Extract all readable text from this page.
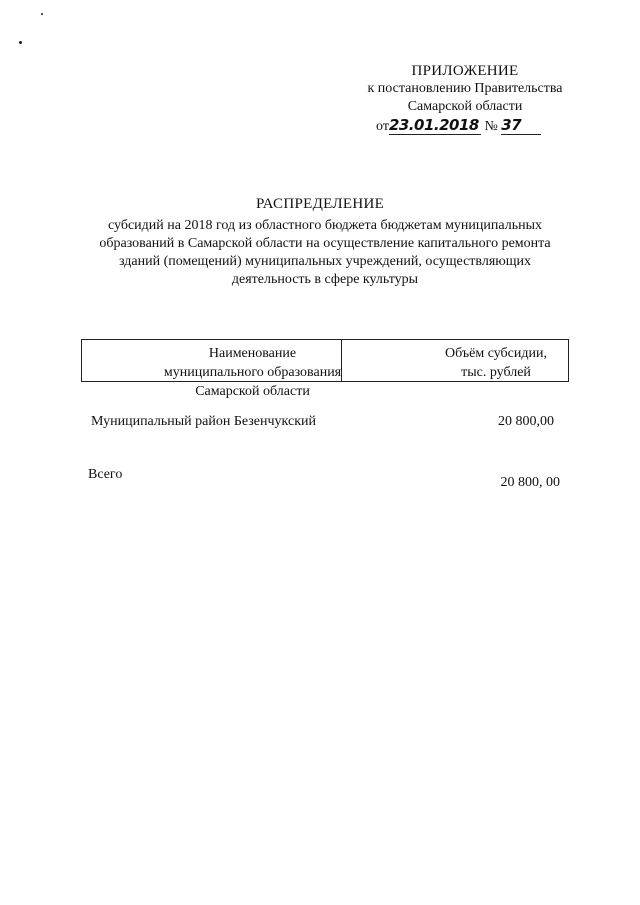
ПРИЛОЖЕНИЕ
к постановлению Правительства
Самарской области
от23.01.2018 № 37
РАСПРЕДЕЛЕНИЕ
субсидий на 2018 год из областного бюджета бюджетам муниципальных образований в Самарской области на осуществление капитального ремонта зданий (помещений) муниципальных учреждений, осуществляющих деятельность в сфере культуры
Наименование
муниципального образования
Самарской области
Объём субсидии,
тыс. рублей
Муниципальный район Безенчукский	20 800,00
Всего
20 800, 00
